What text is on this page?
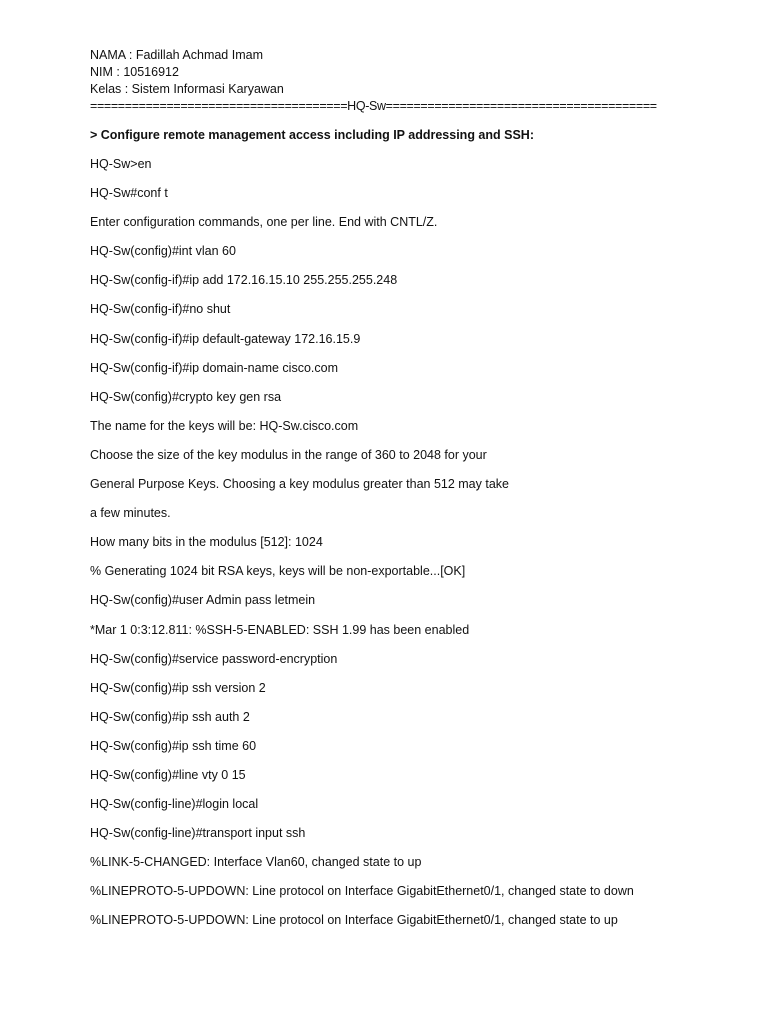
NAMA : Fadillah Achmad Imam
NIM : 10516912
Kelas : Sistem Informasi Karyawan
=====================================HQ-Sw=======================================
> Configure remote management access including IP addressing and SSH:
HQ-Sw>en
HQ-Sw#conf t
Enter configuration commands, one per line. End with CNTL/Z.
HQ-Sw(config)#int vlan 60
HQ-Sw(config-if)#ip add 172.16.15.10 255.255.255.248
HQ-Sw(config-if)#no shut
HQ-Sw(config-if)#ip default-gateway 172.16.15.9
HQ-Sw(config-if)#ip domain-name cisco.com
HQ-Sw(config)#crypto key gen rsa
The name for the keys will be: HQ-Sw.cisco.com
Choose the size of the key modulus in the range of 360 to 2048 for your
General Purpose Keys. Choosing a key modulus greater than 512 may take
a few minutes.
How many bits in the modulus [512]: 1024
% Generating 1024 bit RSA keys, keys will be non-exportable...[OK]
HQ-Sw(config)#user Admin pass letmein
*Mar 1 0:3:12.811: %SSH-5-ENABLED: SSH 1.99 has been enabled
HQ-Sw(config)#service password-encryption
HQ-Sw(config)#ip ssh version 2
HQ-Sw(config)#ip ssh auth 2
HQ-Sw(config)#ip ssh time 60
HQ-Sw(config)#line vty 0 15
HQ-Sw(config-line)#login local
HQ-Sw(config-line)#transport input ssh
%LINK-5-CHANGED: Interface Vlan60, changed state to up
%LINEPROTO-5-UPDOWN: Line protocol on Interface GigabitEthernet0/1, changed state to down
%LINEPROTO-5-UPDOWN: Line protocol on Interface GigabitEthernet0/1, changed state to up
